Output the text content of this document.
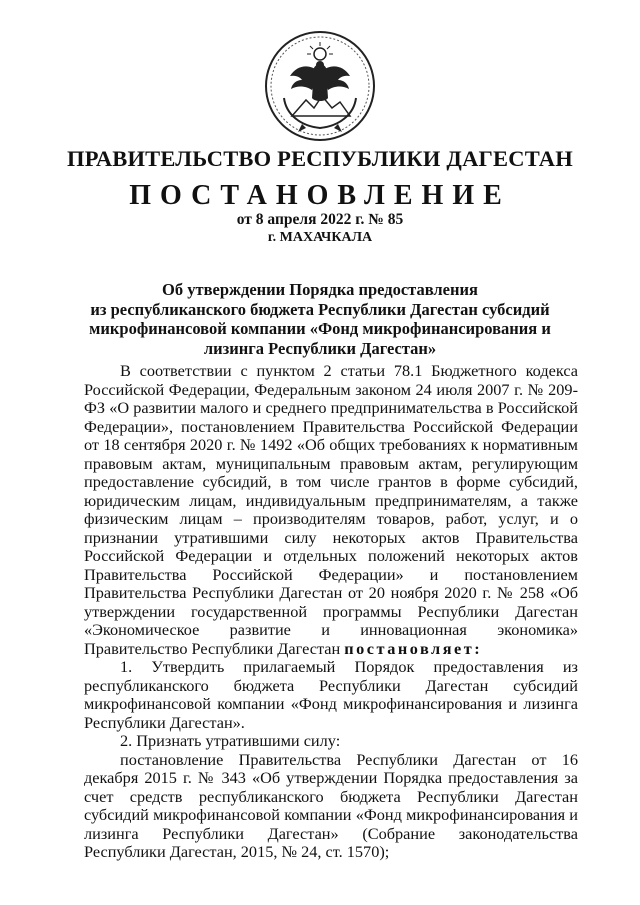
ПРАВИТЕЛЬСТВО РЕСПУБЛИКИ ДАГЕСТАН
ПОСТАНОВЛЕНИЕ
от 8 апреля 2022 г. № 85
г. МАХАЧКАЛА
Об утверждении Порядка предоставления
из республиканского бюджета Республики Дагестан субсидий
микрофинансовой компании «Фонд микрофинансирования и
лизинга Республики Дагестан»

В соответствии с пунктом 2 статьи 78.1 Бюджетного кодекса Российской Федерации, Федеральным законом 24 июля 2007 г. № 209-ФЗ «О развитии малого и среднего предпринимательства в Российской Федерации», постановлением Правительства Российской Федерации от 18 сентября 2020 г. № 1492 «Об общих требованиях к нормативным правовым актам, муниципальным правовым актам, регулирующим предоставление субсидий, в том числе грантов в форме субсидий, юридическим лицам, индивидуальным предпринимателям, а также физическим лицам – производителям товаров, работ, услуг, и о признании утратившими силу некоторых актов Правительства Российской Федерации и отдельных положений некоторых актов Правительства Российской Федерации» и постановлением Правительства Республики Дагестан от 20 ноября 2020 г. № 258 «Об утверждении государственной программы Республики Дагестан «Экономическое развитие и инновационная экономика» Правительство Республики Дагестан постановляет:

1. Утвердить прилагаемый Порядок предоставления из республиканского бюджета Республики Дагестан субсидий микрофинансовой компании «Фонд микрофинансирования и лизинга Республики Дагестан».

2. Признать утратившими силу:

постановление Правительства Республики Дагестан от 16 декабря 2015 г. № 343 «Об утверждении Порядка предоставления за счет средств республиканского бюджета Республики Дагестан субсидий микрофинансовой компании «Фонд микрофинансирования и лизинга Республики Дагестан» (Собрание законодательства Республики Дагестан, 2015, № 24, ст. 1570);
